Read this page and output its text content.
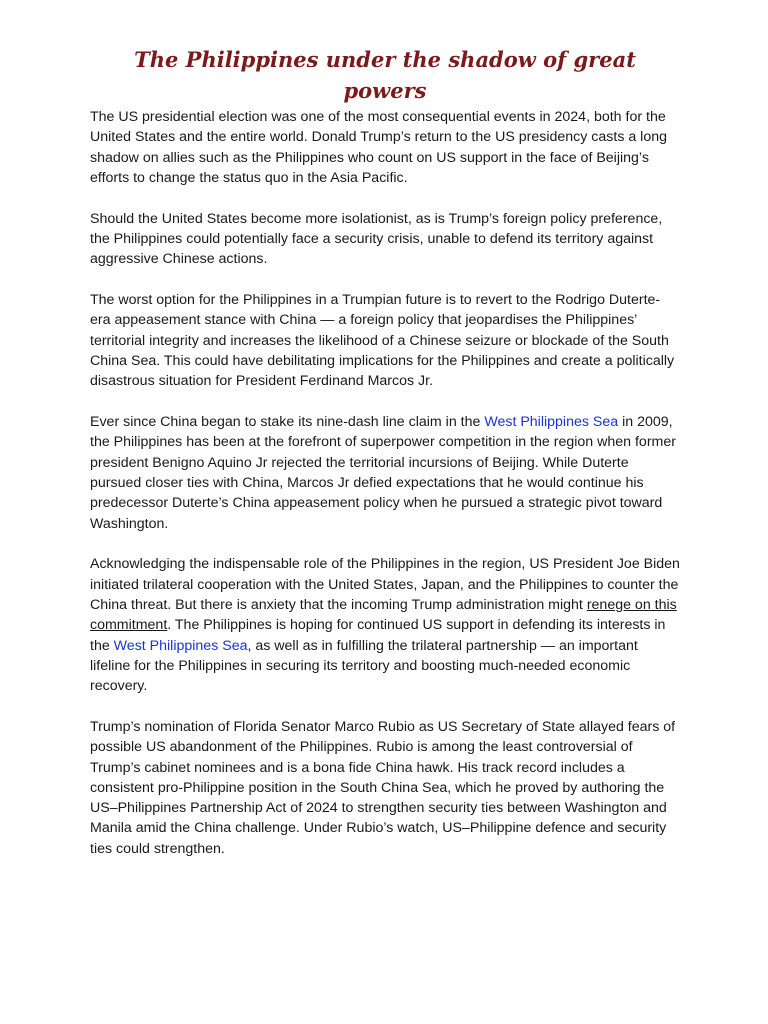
The Philippines under the shadow of great powers

The US presidential election was one of the most consequential events in 2024, both for the United States and the entire world. Donald Trump’s return to the US presidency casts a long shadow on allies such as the Philippines who count on US support in the face of Beijing’s efforts to change the status quo in the Asia Pacific.

Should the United States become more isolationist, as is Trump’s foreign policy preference, the Philippines could potentially face a security crisis, unable to defend its territory against aggressive Chinese actions.

The worst option for the Philippines in a Trumpian future is to revert to the Rodrigo Duterte-era appeasement stance with China — a foreign policy that jeopardises the Philippines’ territorial integrity and increases the likelihood of a Chinese seizure or blockade of the South China Sea. This could have debilitating implications for the Philippines and create a politically disastrous situation for President Ferdinand Marcos Jr.

Ever since China began to stake its nine-dash line claim in the West Philippines Sea in 2009, the Philippines has been at the forefront of superpower competition in the region when former president Benigno Aquino Jr rejected the territorial incursions of Beijing. While Duterte pursued closer ties with China, Marcos Jr defied expectations that he would continue his predecessor Duterte’s China appeasement policy when he pursued a strategic pivot toward Washington.

Acknowledging the indispensable role of the Philippines in the region, US President Joe Biden initiated trilateral cooperation with the United States, Japan, and the Philippines to counter the China threat. But there is anxiety that the incoming Trump administration might renege on this commitment. The Philippines is hoping for continued US support in defending its interests in the West Philippines Sea, as well as in fulfilling the trilateral partnership — an important lifeline for the Philippines in securing its territory and boosting much-needed economic recovery.

Trump’s nomination of Florida Senator Marco Rubio as US Secretary of State allayed fears of possible US abandonment of the Philippines. Rubio is among the least controversial of Trump’s cabinet nominees and is a bona fide China hawk. His track record includes a consistent pro-Philippine position in the South China Sea, which he proved by authoring the US–Philippines Partnership Act of 2024 to strengthen security ties between Washington and Manila amid the China challenge. Under Rubio’s watch, US–Philippine defence and security ties could strengthen.
